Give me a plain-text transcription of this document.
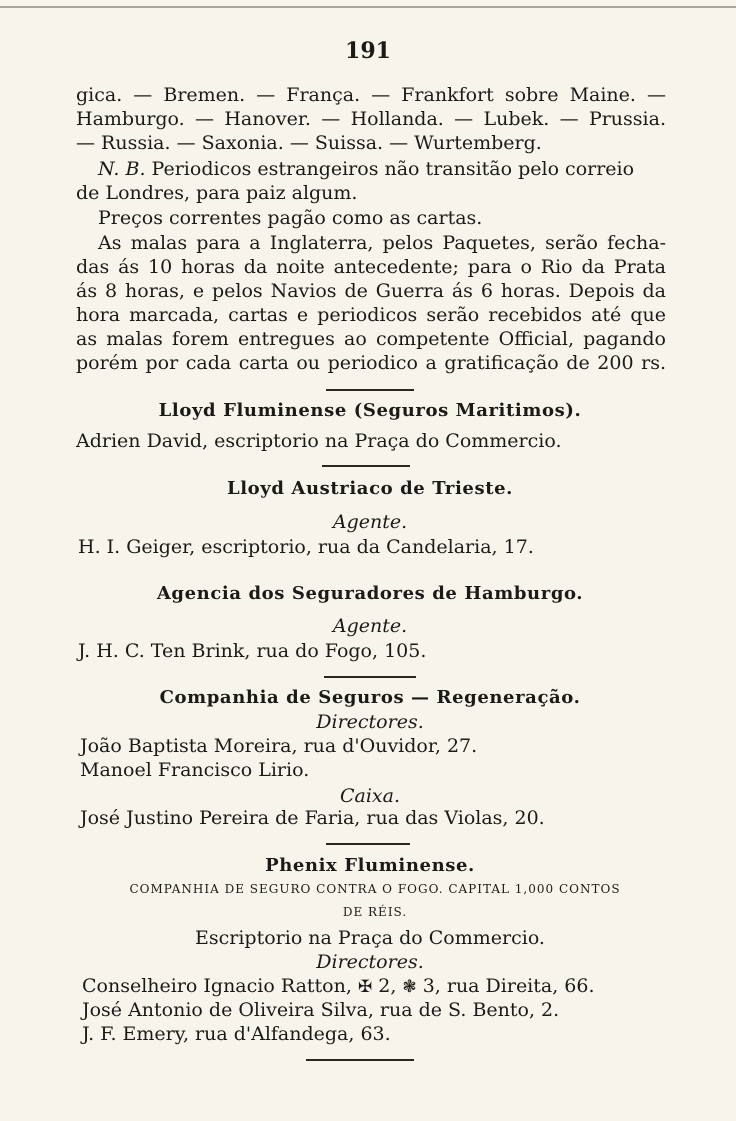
191
gica. — Bremen. — França. — Frankfort sobre Maine. —
Hamburgo. — Hanover. — Hollanda. — Lubek. — Prussia.
— Russia. — Saxonia. — Suissa. — Wurtemberg.
N. B. Periodicos estrangeiros não transitão pelo correio
de Londres, para paiz algum.
Preços correntes pagão como as cartas.
As malas para a Inglaterra, pelos Paquetes, serão fecha-
das ás 10 horas da noite antecedente; para o Rio da Prata
ás 8 horas, e pelos Navios de Guerra ás 6 horas. Depois da
hora marcada, cartas e periodicos serão recebidos até que
as malas forem entregues ao competente Official, pagando
porém por cada carta ou periodico a gratificação de 200 rs.
Lloyd Fluminense (Seguros Maritimos).
Adrien David, escriptorio na Praça do Commercio.
Lloyd Austriaco de Trieste.
Agente.
H. I. Geiger, escriptorio, rua da Candelaria, 17.
Agencia dos Seguradores de Hamburgo.
Agente.
J. H. C. Ten Brink, rua do Fogo, 105.
Companhia de Seguros — Regeneração.
Directores.
João Baptista Moreira, rua d'Ouvidor, 27.
Manoel Francisco Lirio.
Caixa.
José Justino Pereira de Faria, rua das Violas, 20.
Phenix Fluminense.
COMPANHIA DE SEGURO CONTRA O FOGO. CAPITAL 1,000 CONTOS
DE RÉIS.
Escriptorio na Praça do Commercio.
Directores.
Conselheiro Ignacio Ratton, ✠ 2, ❃ 3, rua Direita, 66.
José Antonio de Oliveira Silva, rua de S. Bento, 2.
J. F. Emery, rua d'Alfandega, 63.
